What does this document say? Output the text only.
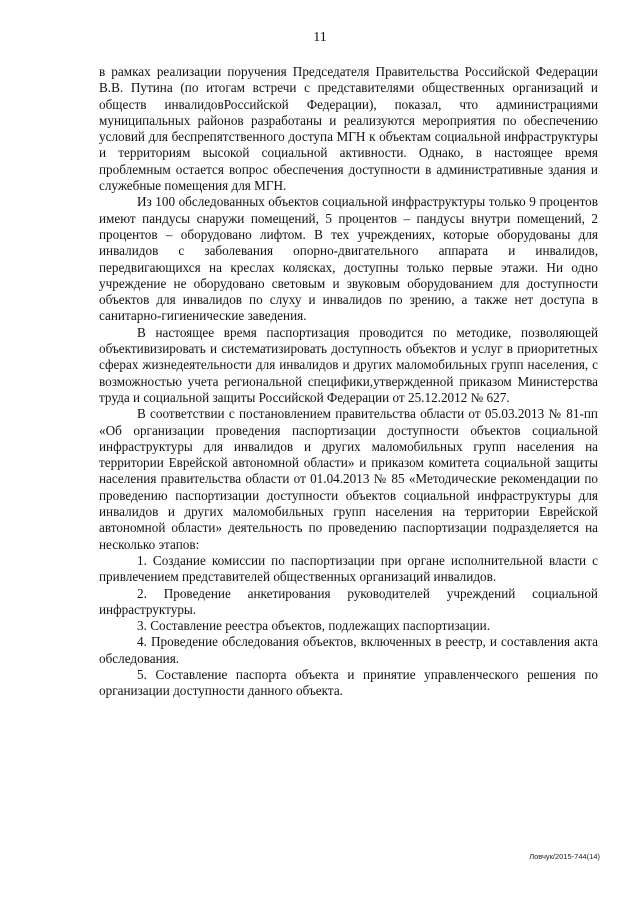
11

в рамках реализации поручения Председателя Правительства Российской Федерации В.В. Путина (по итогам встречи с представителями общественных организаций и обществ инвалидовРоссийской Федерации), показал, что администрациями муниципальных районов разработаны и реализуются мероприятия по обеспечению условий для беспрепятственного доступа МГН к объектам социальной инфраструктуры и территориям высокой социальной активности. Однако, в настоящее время проблемным остается вопрос обеспечения доступности в административные здания и служебные помещения для МГН.

Из 100 обследованных объектов социальной инфраструктуры только 9 процентов имеют пандусы снаружи помещений, 5 процентов – пандусы внутри помещений, 2 процентов – оборудовано лифтом. В тех учреждениях, которые оборудованы для инвалидов с заболевания опорно-двигательного аппарата и инвалидов, передвигающихся на креслах колясках, доступны только первые этажи. Ни одно учреждение не оборудовано световым и звуковым оборудованием для доступности объектов для инвалидов по слуху и инвалидов по зрению, а также нет доступа в санитарно-гигиенические заведения.

В настоящее время паспортизация проводится по методике, позволяющей объективизировать и систематизировать доступность объектов и услуг в приоритетных сферах жизнедеятельности для инвалидов и других маломобильных групп населения, с возможностью учета региональной специфики,утвержденной приказом Министерства труда и социальной защиты Российской Федерации от 25.12.2012 № 627.

В соответствии с постановлением правительства области от 05.03.2013 № 81-пп «Об организации проведения паспортизации доступности объектов социальной инфраструктуры для инвалидов и других маломобильных групп населения на территории Еврейской автономной области» и приказом комитета социальной защиты населения правительства области от 01.04.2013 № 85 «Методические рекомендации по проведению паспортизации доступности объектов социальной инфраструктуры для инвалидов и других маломобильных групп населения на территории Еврейской автономной области» деятельность по проведению паспортизации подразделяется на несколько этапов:

1. Создание комиссии по паспортизации при органе исполнительной власти с привлечением представителей общественных организаций инвалидов.

2. Проведение анкетирования руководителей учреждений социальной инфраструктуры.

3. Составление реестра объектов, подлежащих паспортизации.

4. Проведение обследования объектов, включенных в реестр, и составления акта обследования.

5. Составление паспорта объекта и принятие управленческого решения по организации доступности данного объекта.

Ловчук/2015-744(14)
